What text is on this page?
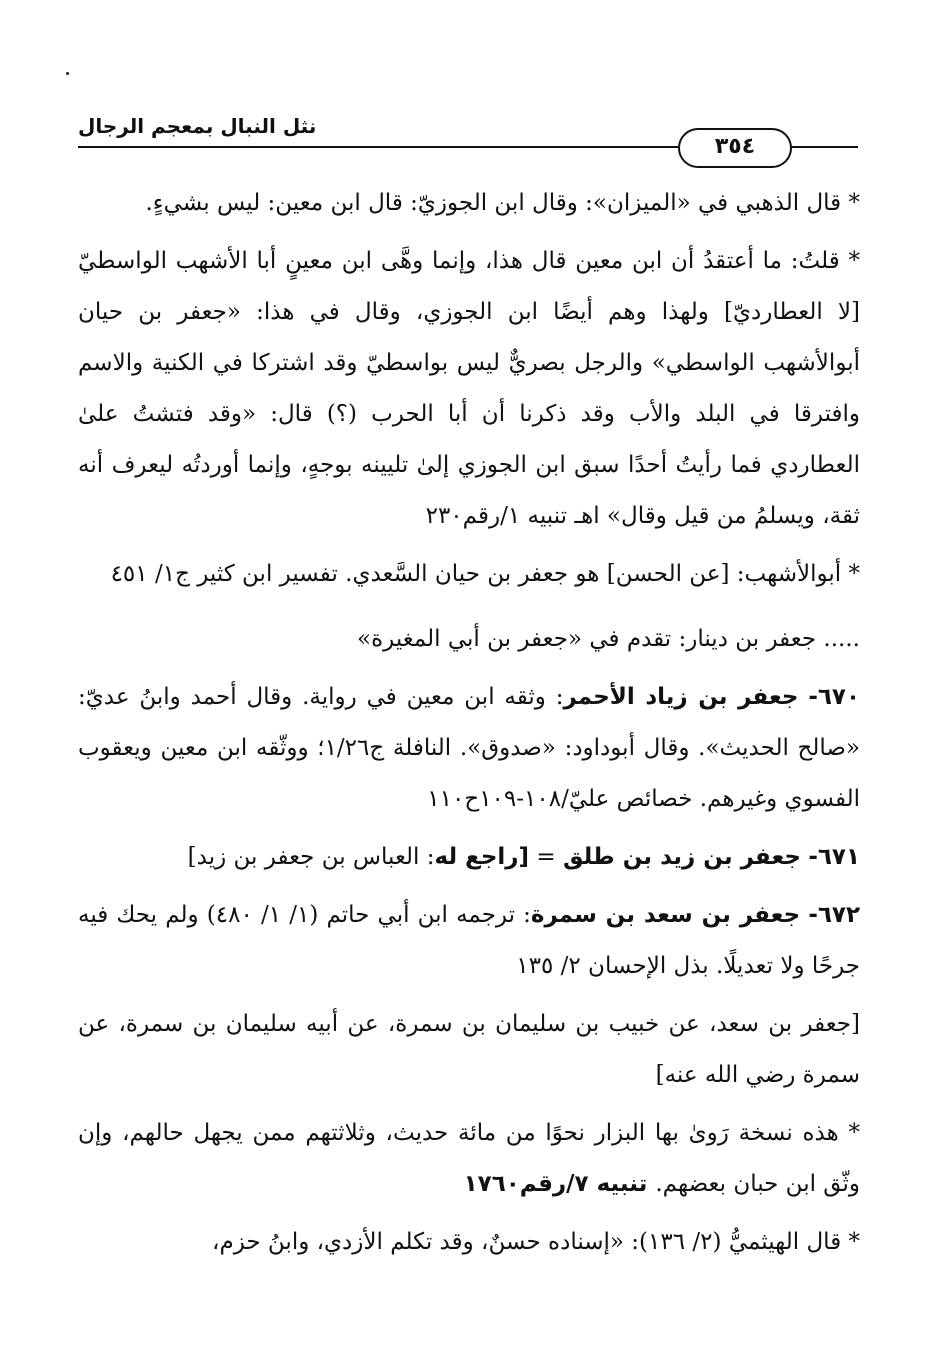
نثل النبال بمعجم الرجال
٣٥٤

* قال الذهبي في «الميزان»: وقال ابن الجوزيّ: قال ابن معين: ليس بشيءٍ.

* قلتُ: ما أعتقدُ أن ابن معين قال هذا، وإنما وهَّى ابن معينٍ أبا الأشهب الواسطيّ [لا العطارديّ] ولهذا وهم أيضًا ابن الجوزي، وقال في هذا: «جعفر بن حيان أبوالأشهب الواسطي» والرجل بصريٌّ ليس بواسطيّ وقد اشتركا في الكنية والاسم وافترقا في البلد والأب وقد ذكرنا أن أبا الحرب (؟) قال: «وقد فتشتُ علىٰ العطاردي فما رأيتُ أحدًا سبق ابن الجوزي إلىٰ تليينه بوجهٍ، وإنما أوردتُه ليعرف أنه ثقة، ويسلمُ من قيل وقال» اهـ تنبيه ١/رقم٢٣٠

* أبوالأشهب: [عن الحسن] هو جعفر بن حيان السَّعدي. تفسير ابن كثير ج١/ ٤٥١

..... جعفر بن دينار: تقدم في «جعفر بن أبي المغيرة»

٦٧٠- جعفر بن زياد الأحمر: وثقه ابن معين في رواية. وقال أحمد وابنُ عديّ: «صالح الحديث». وقال أبوداود: «صدوق». النافلة ج١/٢٦؛ ووثّقه ابن معين ويعقوب الفسوي وغيرهم. خصائص عليّ/١٠٨-١٠٩ح١١٠

٦٧١- جعفر بن زيد بن طلق = [راجع له: العباس بن جعفر بن زيد]

٦٧٢- جعفر بن سعد بن سمرة: ترجمه ابن أبي حاتم (١/ ١/ ٤٨٠) ولم يحك فيه جرحًا ولا تعديلًا. بذل الإحسان ٢/ ١٣٥

[جعفر بن سعد، عن خبيب بن سليمان بن سمرة، عن أبيه سليمان بن سمرة، عن سمرة رضي الله عنه]

* هذه نسخة رَوىٰ بها البزار نحوًا من مائة حديث، وثلاثتهم ممن يجهل حالهم، وإن وثّق ابن حبان بعضهم. تنبيه ٧/رقم١٧٦٠

* قال الهيثميُّ (٢/ ١٣٦): «إسناده حسنٌ، وقد تكلم الأزدي، وابنُ حزم،
